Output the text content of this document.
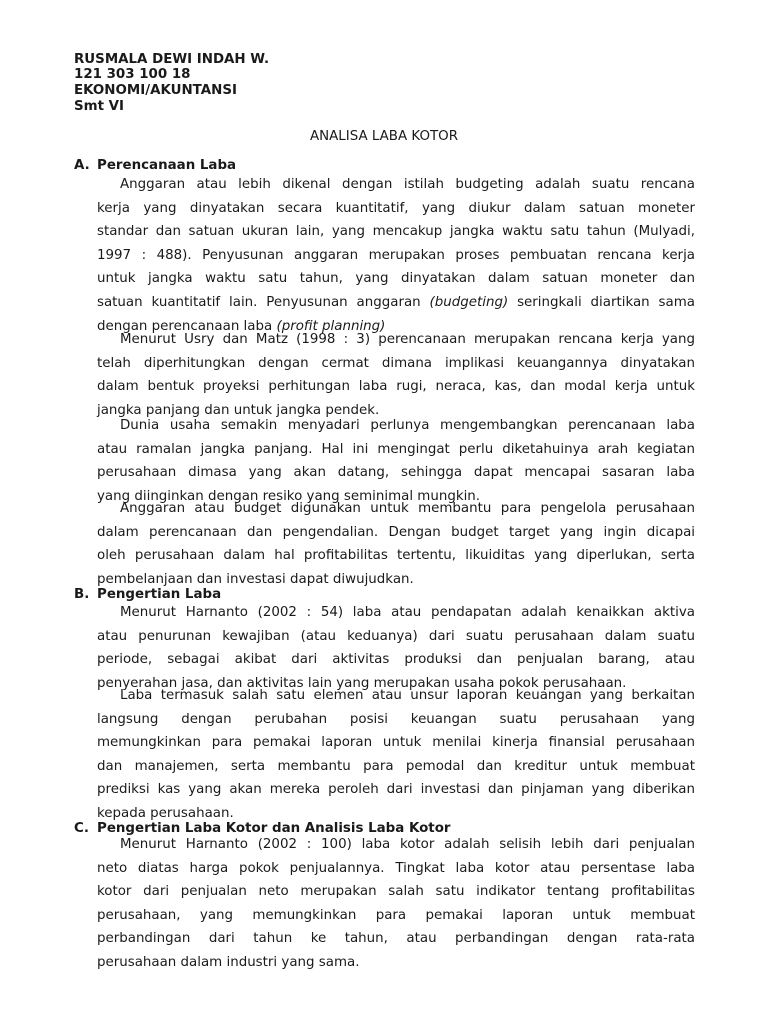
RUSMALA DEWI INDAH W.
121 303 100 18
EKONOMI/AKUNTANSI
Smt VI
ANALISA LABA KOTOR
A. Perencanaan Laba
Anggaran atau lebih dikenal dengan istilah budgeting adalah suatu rencana
kerja yang dinyatakan secara kuantitatif, yang diukur dalam satuan moneter
standar dan satuan ukuran lain, yang mencakup jangka waktu satu tahun (Mulyadi,
1997 : 488). Penyusunan anggaran merupakan proses pembuatan rencana kerja
untuk jangka waktu satu tahun, yang dinyatakan dalam satuan moneter dan
satuan kuantitatif lain. Penyusunan anggaran (budgeting) seringkali diartikan sama
dengan perencanaan laba (profit planning)
Menurut Usry dan Matz (1998 : 3) perencanaan merupakan rencana kerja yang
telah diperhitungkan dengan cermat dimana implikasi keuangannya dinyatakan
dalam bentuk proyeksi perhitungan laba rugi, neraca, kas, dan modal kerja untuk
jangka panjang dan untuk jangka pendek.
Dunia usaha semakin menyadari perlunya mengembangkan perencanaan laba
atau ramalan jangka panjang. Hal ini mengingat perlu diketahuinya arah kegiatan
perusahaan dimasa yang akan datang, sehingga dapat mencapai sasaran laba
yang diinginkan dengan resiko yang seminimal mungkin.
Anggaran atau budget digunakan untuk membantu para pengelola perusahaan
dalam perencanaan dan pengendalian. Dengan budget target yang ingin dicapai
oleh perusahaan dalam hal profitabilitas tertentu, likuiditas yang diperlukan, serta
pembelanjaan dan investasi dapat diwujudkan.
B. Pengertian Laba
Menurut Harnanto (2002 : 54) laba atau pendapatan adalah kenaikkan aktiva
atau penurunan kewajiban (atau keduanya) dari suatu perusahaan dalam suatu
periode, sebagai akibat dari aktivitas produksi dan penjualan barang, atau
penyerahan jasa, dan aktivitas lain yang merupakan usaha pokok perusahaan.
Laba termasuk salah satu elemen atau unsur laporan keuangan yang berkaitan
langsung dengan perubahan posisi keuangan suatu perusahaan yang
memungkinkan para pemakai laporan untuk menilai kinerja finansial perusahaan
dan manajemen, serta membantu para pemodal dan kreditur untuk membuat
prediksi kas yang akan mereka peroleh dari investasi dan pinjaman yang diberikan
kepada perusahaan.
C. Pengertian Laba Kotor dan Analisis Laba Kotor
Menurut Harnanto (2002 : 100) laba kotor adalah selisih lebih dari penjualan
neto diatas harga pokok penjualannya. Tingkat laba kotor atau persentase laba
kotor dari penjualan neto merupakan salah satu indikator tentang profitabilitas
perusahaan, yang memungkinkan para pemakai laporan untuk membuat
perbandingan dari tahun ke tahun, atau perbandingan dengan rata-rata
perusahaan dalam industri yang sama.
